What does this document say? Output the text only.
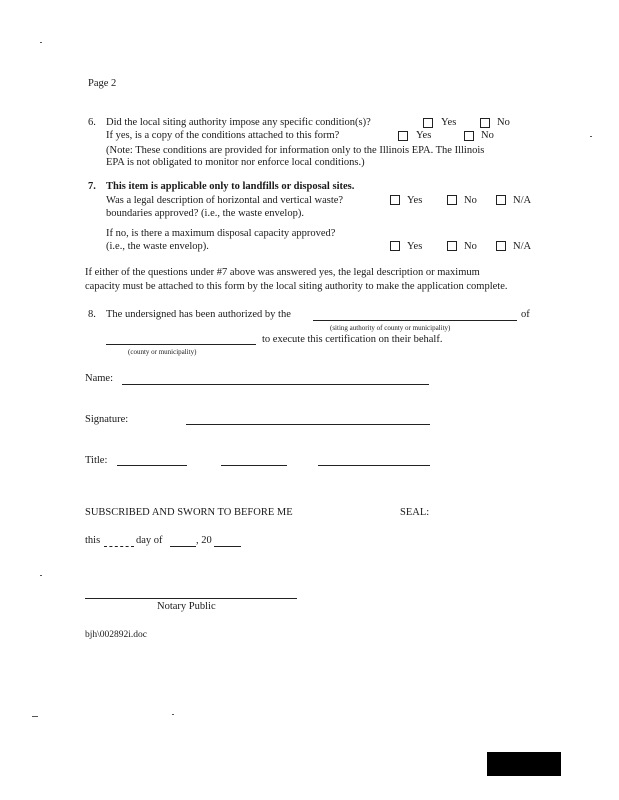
Page 2
6. Did the local siting authority impose any specific condition(s)?	Yes	No
If yes, is a copy of the conditions attached to this form?	Yes	No
(Note: These conditions are provided for information only to the Illinois EPA. The Illinois
EPA is not obligated to monitor nor enforce local conditions.)
7. This item is applicable only to landfills or disposal sites.
Was a legal description of horizontal and vertical waste?
boundaries approved? (i.e., the waste envelop).
Yes	No	N/A
If no, is there a maximum disposal capacity approved?
(i.e., the waste envelop).	Yes	No	N/A
If either of the questions under #7 above was answered yes, the legal description or maximum
capacity must be attached to this form by the local siting authority to make the application complete.
8. The undersigned has been authorized by the	of
(siting authority of county or municipality)
to execute this certification on their behalf.
(county or municipality)
Name:
Signature:
Title:
SUBSCRIBED AND SWORN TO BEFORE ME	SEAL:
this	day of	, 20
Notary Public
bjh\002892i.doc
